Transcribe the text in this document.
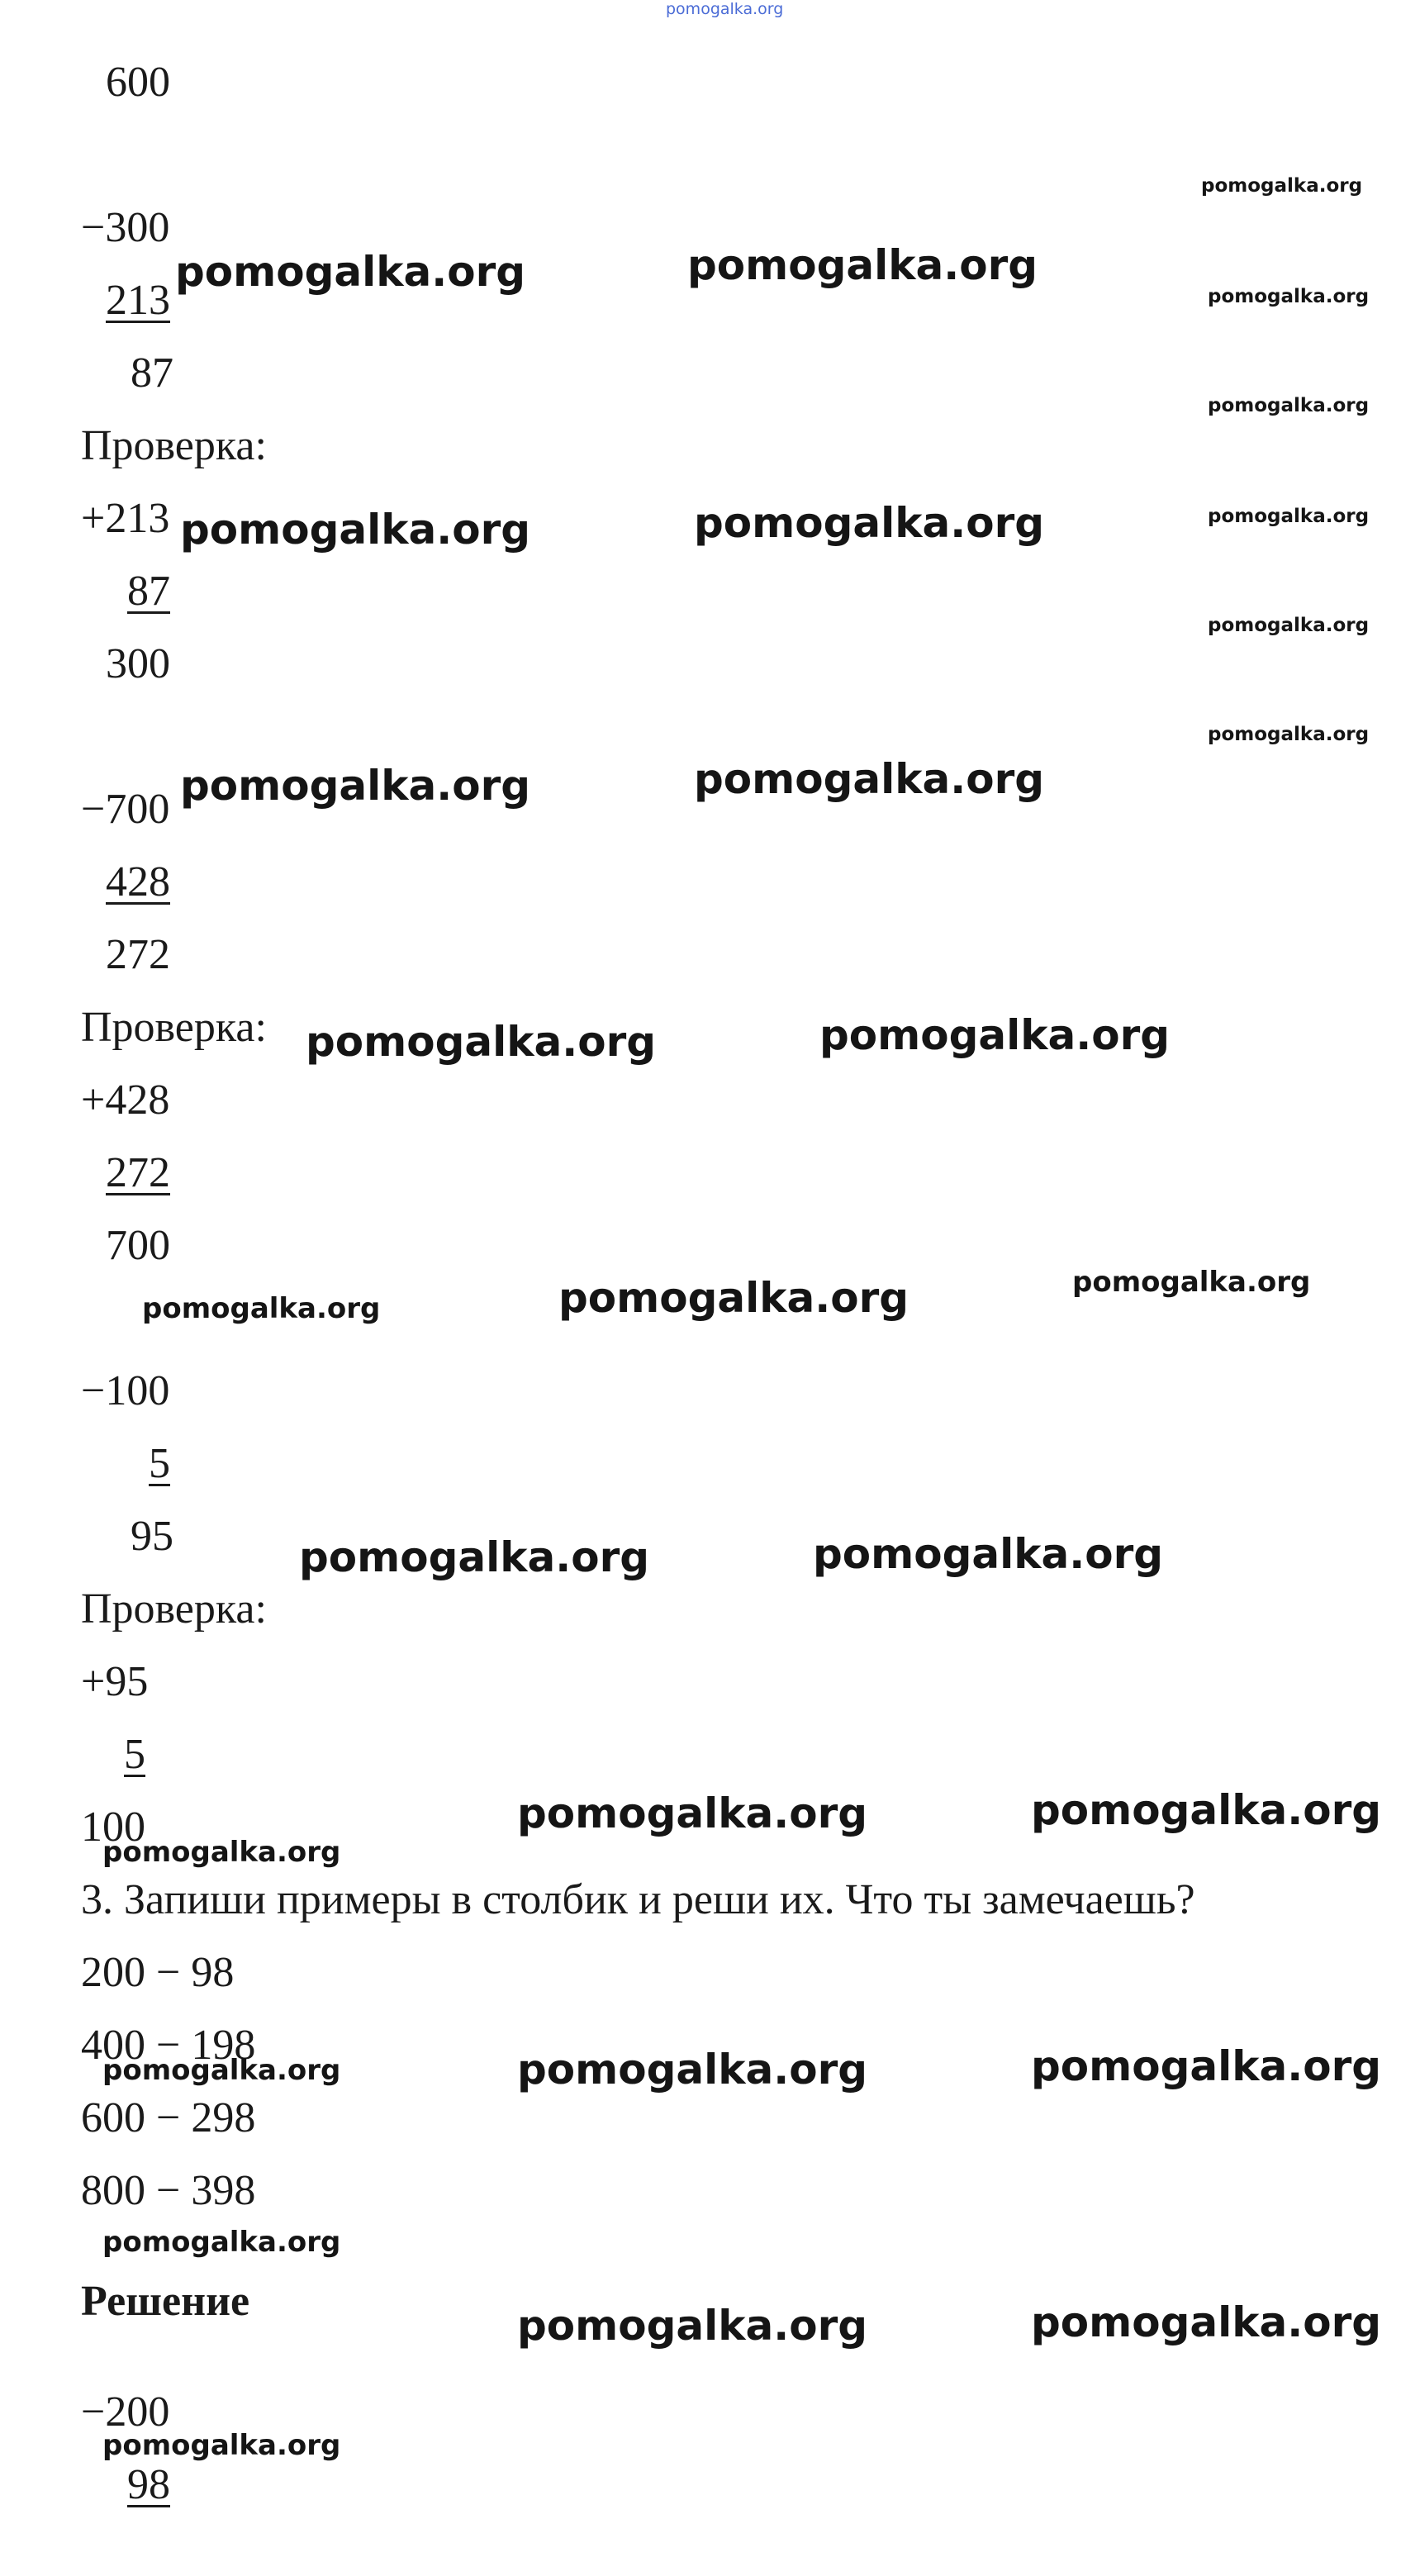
pomogalka.org
600
−300
213
87
Проверка:
+213
87
300
−700
428
272
Проверка:
+428
272
700
−100
5
95
Проверка:
+95
5
100
3. Запиши примеры в столбик и реши их. Что ты замечаешь?
200 − 98
400 − 198
600 − 298
800 − 398
Решение
−200
98
pomogalka.org	pomogalka.org
pomogalka.org	pomogalka.org
pomogalka.org	pomogalka.org
pomogalka.org	pomogalka.org
pomogalka.org
pomogalka.org	pomogalka.org
pomogalka.org	pomogalka.org
pomogalka.org	pomogalka.org
pomogalka.org	pomogalka.org
pomogalka.org
pomogalka.org
pomogalka.org
pomogalka.org
pomogalka.org
pomogalka.org
pomogalka.org
pomogalka.org
pomogalka.org
pomogalka.org
pomogalka.org
pomogalka.org
